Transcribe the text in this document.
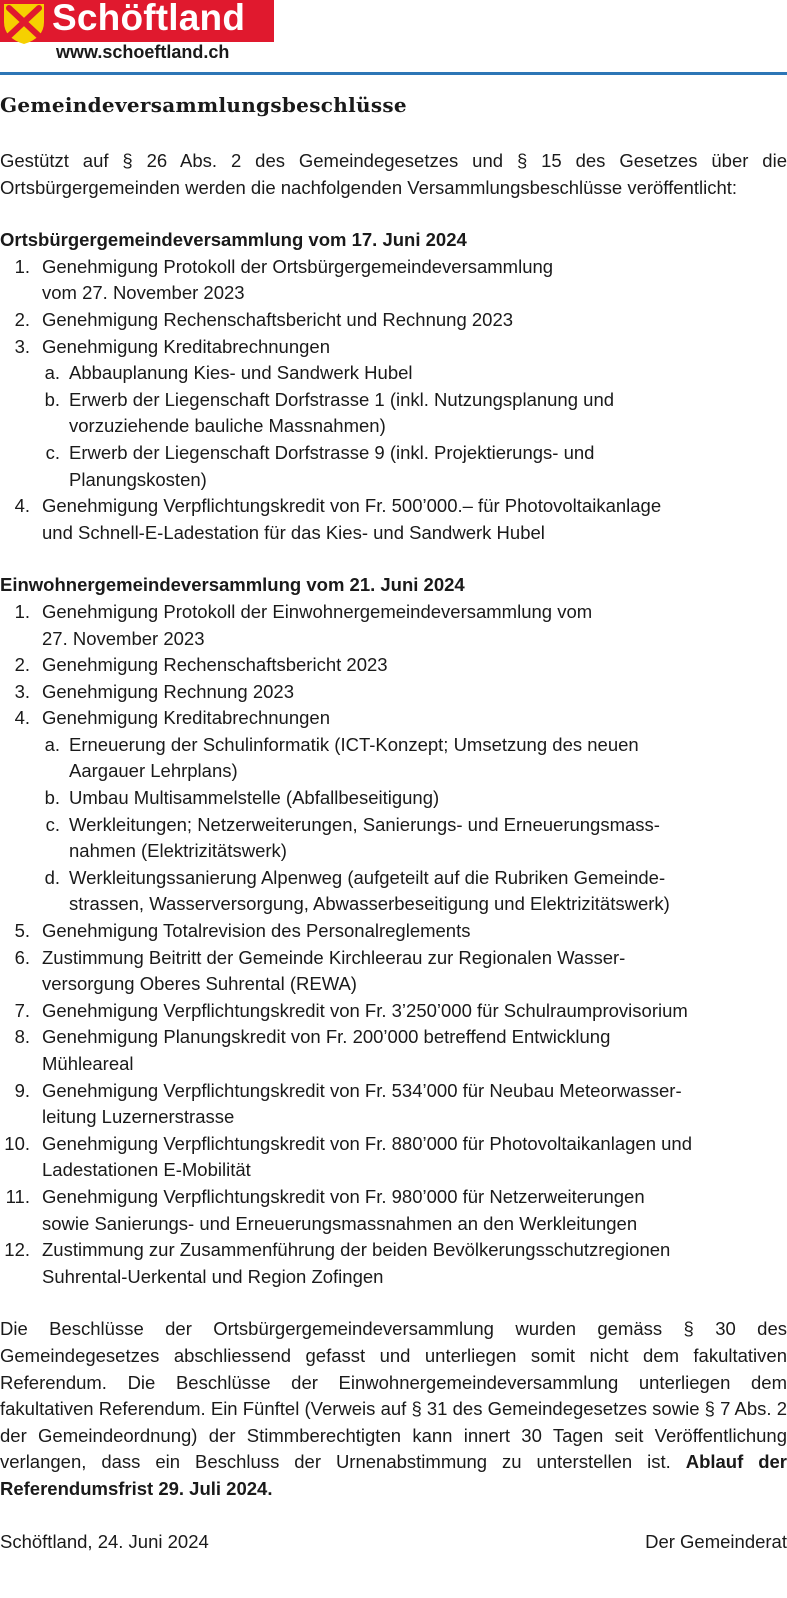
Schöftland
www.schoeftland.ch
Gemeindeversammlungsbeschlüsse

Gestützt auf § 26 Abs. 2 des Gemeindegesetzes und § 15 des Gesetzes über die Ortsbürgergemeinden werden die nachfolgenden Versammlungsbeschlüsse veröffentlicht:

Ortsbürgergemeindeversammlung vom 17. Juni 2024

1. Genehmigung Protokoll der Ortsbürgergemeindeversammlung
vom 27. November 2023
2. Genehmigung Rechenschaftsbericht und Rechnung 2023
3. Genehmigung Kreditabrechnungen
a. Abbauplanung Kies- und Sandwerk Hubel
b. Erwerb der Liegenschaft Dorfstrasse 1 (inkl. Nutzungsplanung und
vorzuziehende bauliche Massnahmen)
c. Erwerb der Liegenschaft Dorfstrasse 9 (inkl. Projektierungs- und
Planungskosten)
4. Genehmigung Verpflichtungskredit von Fr. 500’000.– für Photovoltaikanlage
und Schnell-E-Ladestation für das Kies- und Sandwerk Hubel

Einwohnergemeindeversammlung vom 21. Juni 2024

1. Genehmigung Protokoll der Einwohnergemeindeversammlung vom
27. November 2023
2. Genehmigung Rechenschaftsbericht 2023
3. Genehmigung Rechnung 2023
4. Genehmigung Kreditabrechnungen
a. Erneuerung der Schulinformatik (ICT-Konzept; Umsetzung des neuen
Aargauer Lehrplans)
b. Umbau Multisammelstelle (Abfallbeseitigung)
c. Werkleitungen; Netzerweiterungen, Sanierungs- und Erneuerungsmass-
nahmen (Elektrizitätswerk)
d. Werkleitungssanierung Alpenweg (aufgeteilt auf die Rubriken Gemeinde-
strassen, Wasserversorgung, Abwasserbeseitigung und Elektrizitätswerk)
5. Genehmigung Totalrevision des Personalreglements
6. Zustimmung Beitritt der Gemeinde Kirchleerau zur Regionalen Wasser-
versorgung Oberes Suhrental (REWA)
7. Genehmigung Verpflichtungskredit von Fr. 3’250’000 für Schulraumprovisorium
8. Genehmigung Planungskredit von Fr. 200’000 betreffend Entwicklung
Mühleareal
9. Genehmigung Verpflichtungskredit von Fr. 534’000 für Neubau Meteorwasser-
leitung Luzernerstrasse
10. Genehmigung Verpflichtungskredit von Fr. 880’000 für Photovoltaikanlagen und
Ladestationen E-Mobilität
11. Genehmigung Verpflichtungskredit von Fr. 980’000 für Netzerweiterungen
sowie Sanierungs- und Erneuerungsmassnahmen an den Werkleitungen
12. Zustimmung zur Zusammenführung der beiden Bevölkerungsschutzregionen
Suhrental-Uerkental und Region Zofingen

Die Beschlüsse der Ortsbürgergemeindeversammlung wurden gemäss § 30 des Gemeindegesetzes abschliessend gefasst und unterliegen somit nicht dem fakultativen Referendum. Die Beschlüsse der Einwohnergemeindeversammlung unterliegen dem fakultativen Referendum. Ein Fünftel (Verweis auf § 31 des Gemeindegesetzes sowie § 7 Abs. 2 der Gemeindeordnung) der Stimmberechtigten kann innert 30 Tagen seit Veröffentlichung verlangen, dass ein Beschluss der Urnenabstimmung zu unterstellen ist. Ablauf der Referendumsfrist 29. Juli 2024.

Schöftland, 24. Juni 2024	Der Gemeinderat
